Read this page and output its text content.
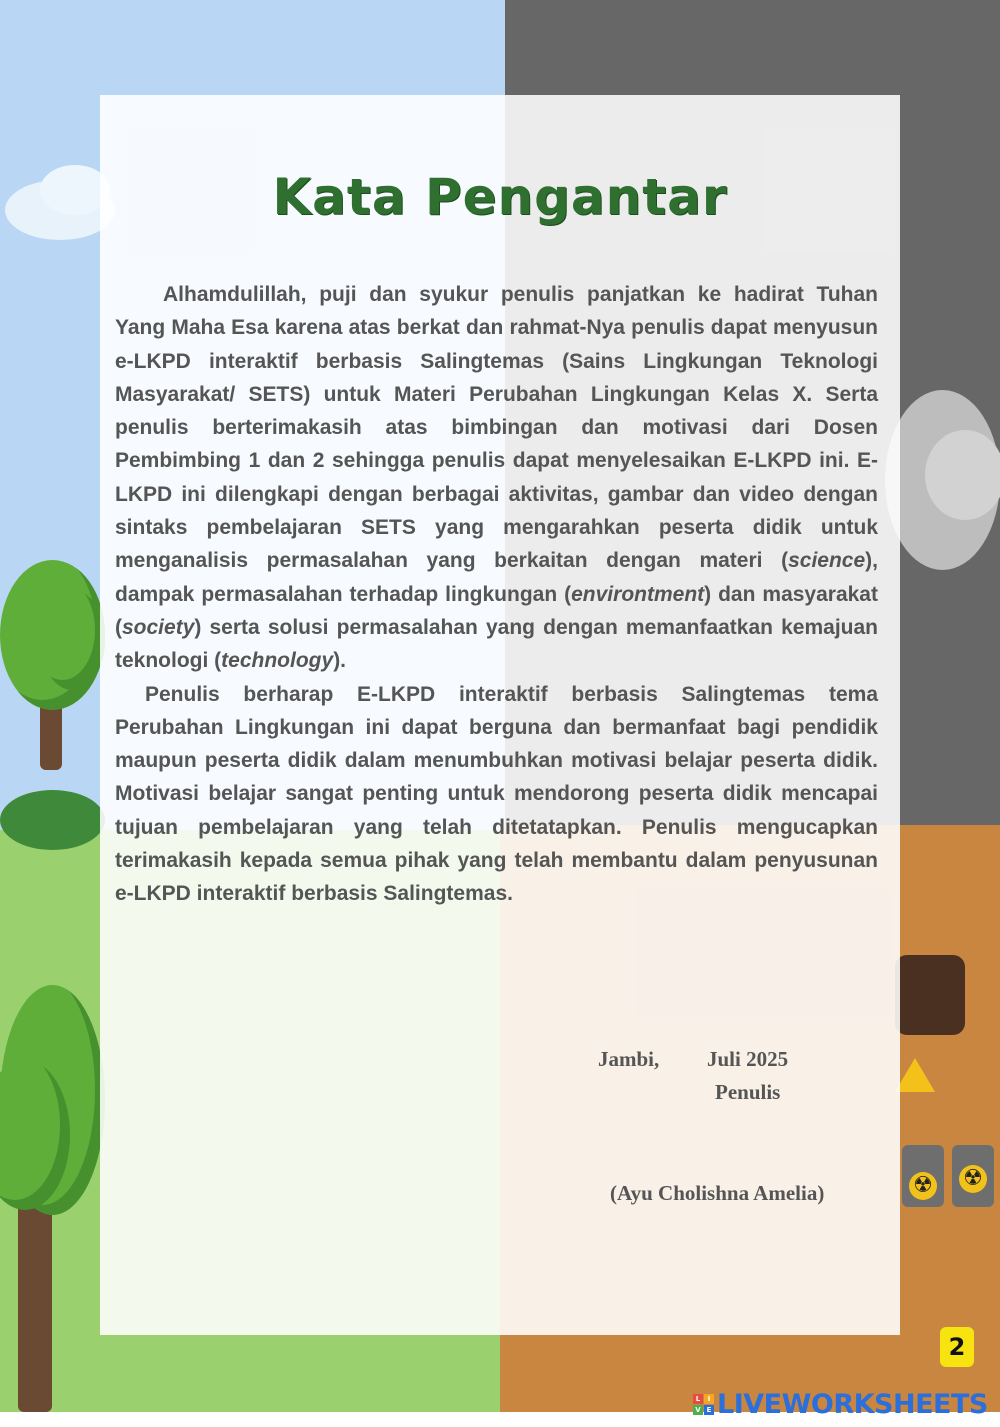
☢ ☢
Kata Pengantar

Alhamdulillah, puji dan syukur penulis panjatkan ke hadirat Tuhan Yang Maha Esa karena atas berkat dan rahmat-Nya penulis dapat menyusun e-LKPD interaktif berbasis Salingtemas (Sains Lingkungan Teknologi Masyarakat/ SETS) untuk Materi Perubahan Lingkungan Kelas X. Serta penulis berterimakasih atas bimbingan dan motivasi dari Dosen Pembimbing 1 dan 2 sehingga penulis dapat menyelesaikan E-LKPD ini. E-LKPD ini dilengkapi dengan berbagai aktivitas, gambar dan video dengan sintaks pembelajaran SETS yang mengarahkan peserta didik untuk menganalisis permasalahan yang berkaitan dengan materi (science), dampak permasalahan terhadap lingkungan (environtment) dan masyarakat (society) serta solusi permasalahan yang dengan memanfaatkan kemajuan teknologi (technology).

Penulis berharap E-LKPD interaktif berbasis Salingtemas tema Perubahan Lingkungan ini dapat berguna dan bermanfaat bagi pendidik maupun peserta didik dalam menumbuhkan motivasi belajar peserta didik. Motivasi belajar sangat penting untuk mendorong peserta didik mencapai tujuan pembelajaran yang telah ditetatapkan. Penulis mengucapkan terimakasih kepada semua pihak yang telah membantu dalam penyusunan e-LKPD interaktif berbasis Salingtemas.

Jambi, Juli 2025
Penulis
(Ayu Cholishna Amelia)
2
L	I
V E LIVEWORKSHEETS
